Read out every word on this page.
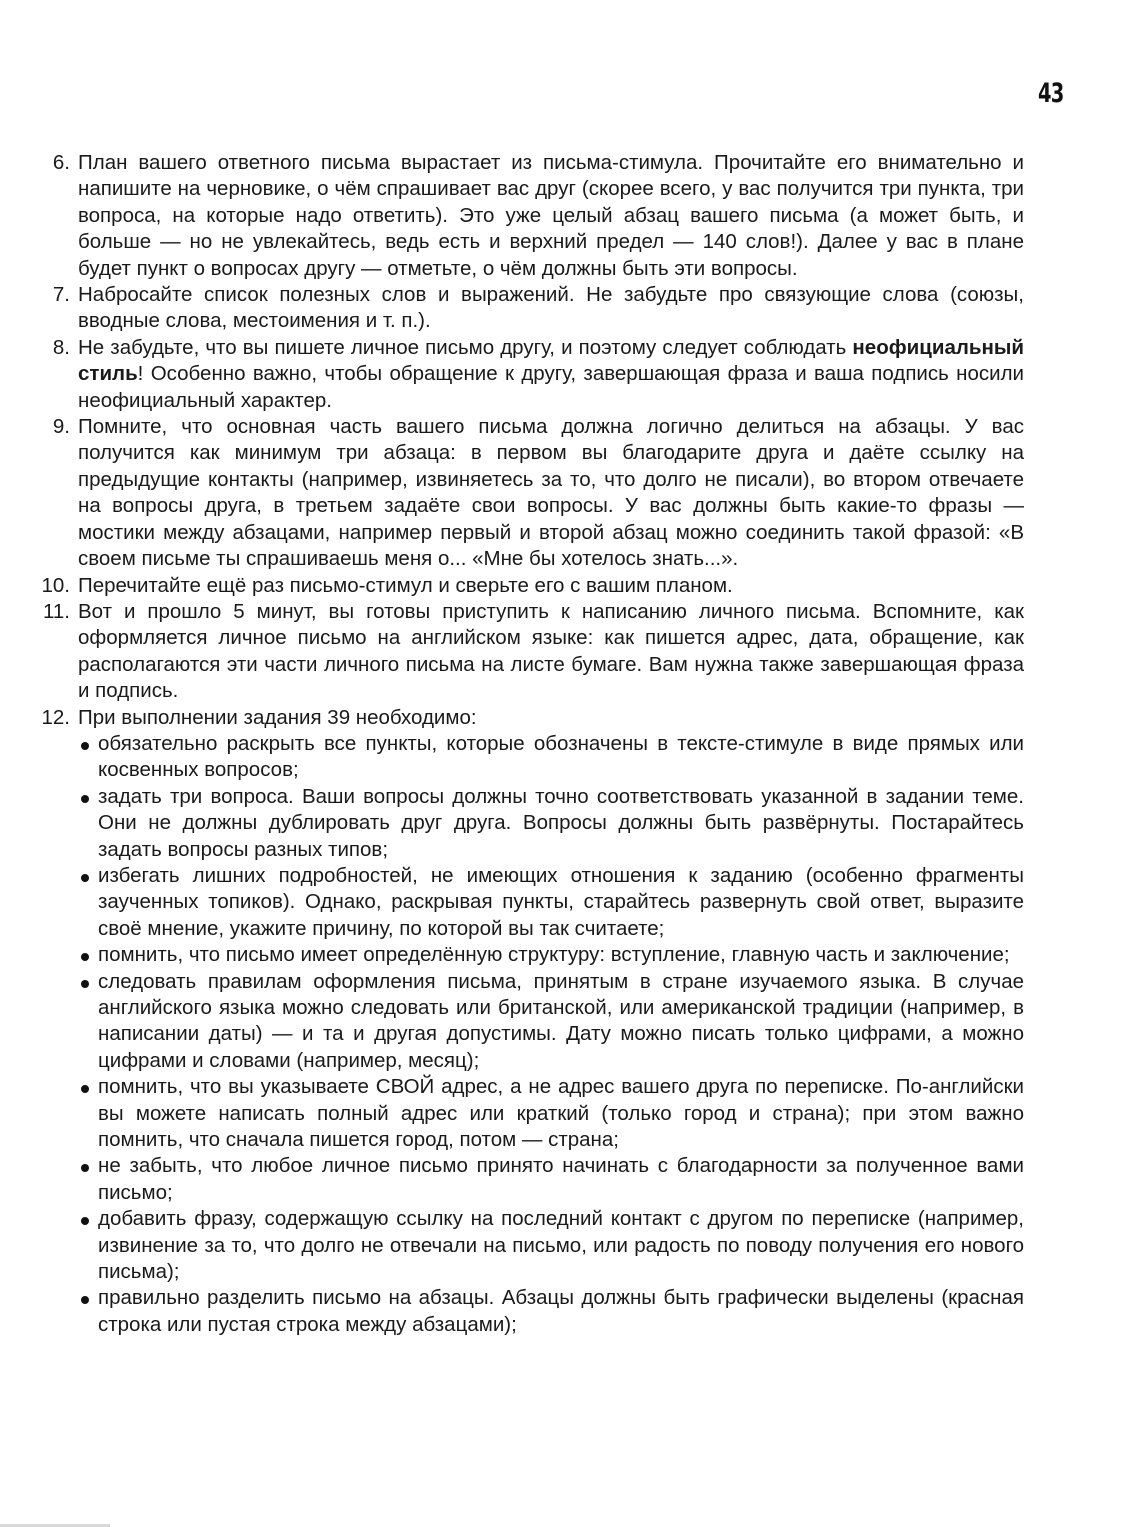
43
6. План вашего ответного письма вырастает из письма-стимула. Прочитайте его внимательно и напишите на черновике, о чём спрашивает вас друг (скорее всего, у вас получится три пункта, три вопроса, на которые надо ответить). Это уже целый абзац вашего письма (а может быть, и больше — но не увлекайтесь, ведь есть и верхний предел — 140 слов!). Далее у вас в плане будет пункт о вопросах другу — отметьте, о чём должны быть эти вопросы.
7. Набросайте список полезных слов и выражений. Не забудьте про связующие слова (союзы, вводные слова, местоимения и т. п.).
8. Не забудьте, что вы пишете личное письмо другу, и поэтому следует соблюдать неофициальный стиль! Особенно важно, чтобы обращение к другу, завершающая фраза и ваша подпись носили неофициальный характер.
9. Помните, что основная часть вашего письма должна логично делиться на абзацы. У вас получится как минимум три абзаца: в первом вы благодарите друга и даёте ссылку на предыдущие контакты (например, извиняетесь за то, что долго не писали), во втором отвечаете на вопросы друга, в третьем задаёте свои вопросы. У вас должны быть какие-то фразы — мостики между абзацами, например первый и второй абзац можно соединить такой фразой: «В своем письме ты спрашиваешь меня о... «Мне бы хотелось знать...».
10. Перечитайте ещё раз письмо-стимул и сверьте его с вашим планом.
11. Вот и прошло 5 минут, вы готовы приступить к написанию личного письма. Вспомните, как оформляется личное письмо на английском языке: как пишется адрес, дата, обращение, как располагаются эти части личного письма на листе бумаге. Вам нужна также завершающая фраза и подпись.
12. При выполнении задания 39 необходимо:
обязательно раскрыть все пункты, которые обозначены в тексте-стимуле в виде прямых или косвенных вопросов;
задать три вопроса. Ваши вопросы должны точно соответствовать указанной в задании теме. Они не должны дублировать друг друга. Вопросы должны быть развёрнуты. Постарайтесь задать вопросы разных типов;
избегать лишних подробностей, не имеющих отношения к заданию (особенно фрагменты заученных топиков). Однако, раскрывая пункты, старайтесь развернуть свой ответ, выразите своё мнение, укажите причину, по которой вы так считаете;
помнить, что письмо имеет определённую структуру: вступление, главную часть и заключение;
следовать правилам оформления письма, принятым в стране изучаемого языка. В случае английского языка можно следовать или британской, или американской традиции (например, в написании даты) — и та и другая допустимы. Дату можно писать только цифрами, а можно цифрами и словами (например, месяц);
помнить, что вы указываете СВОЙ адрес, а не адрес вашего друга по переписке. По-английски вы можете написать полный адрес или краткий (только город и страна); при этом важно помнить, что сначала пишется город, потом — страна;
не забыть, что любое личное письмо принято начинать с благодарности за полученное вами письмо;
добавить фразу, содержащую ссылку на последний контакт с другом по переписке (например, извинение за то, что долго не отвечали на письмо, или радость по поводу получения его нового письма);
правильно разделить письмо на абзацы. Абзацы должны быть графически выделены (красная строка или пустая строка между абзацами);
